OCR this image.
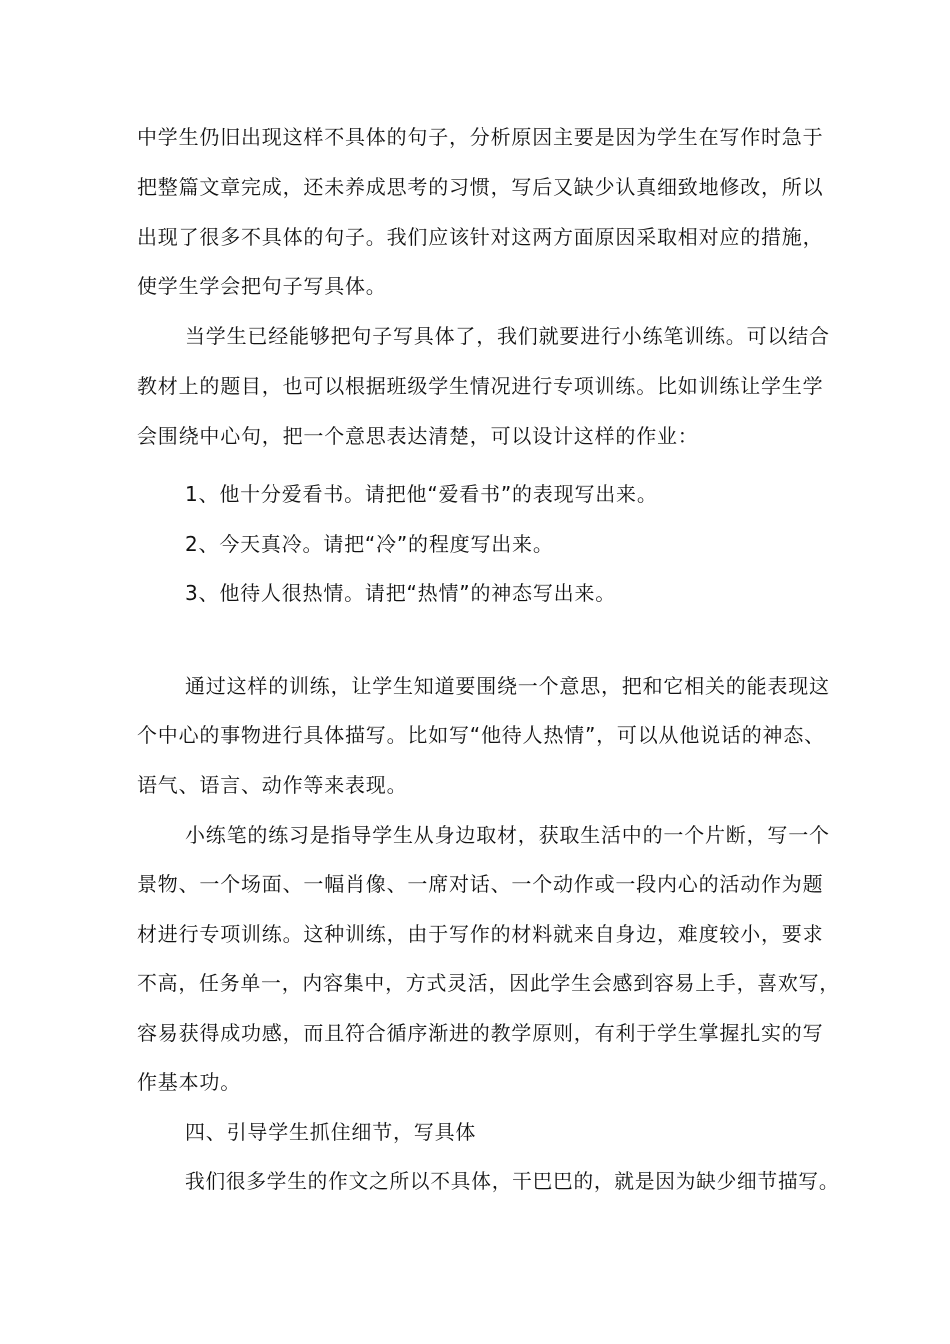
中学生仍旧出现这样不具体的句子，分析原因主要是因为学生在写作时急于
把整篇文章完成，还未养成思考的习惯，写后又缺少认真细致地修改，所以
出现了很多不具体的句子。我们应该针对这两方面原因采取相对应的措施，
使学生学会把句子写具体。
当学生已经能够把句子写具体了，我们就要进行小练笔训练。可以结合
教材上的题目，也可以根据班级学生情况进行专项训练。比如训练让学生学
会围绕中心句，把一个意思表达清楚，可以设计这样的作业：
1、他十分爱看书。请把他“爱看书”的表现写出来。
2、今天真冷。请把“冷”的程度写出来。
3、他待人很热情。请把“热情”的神态写出来。
通过这样的训练，让学生知道要围绕一个意思，把和它相关的能表现这
个中心的事物进行具体描写。比如写“他待人热情”，可以从他说话的神态、
语气、语言、动作等来表现。
小练笔的练习是指导学生从身边取材，获取生活中的一个片断，写一个
景物、一个场面、一幅肖像、一席对话、一个动作或一段内心的活动作为题
材进行专项训练。这种训练，由于写作的材料就来自身边，难度较小，要求
不高，任务单一，内容集中，方式灵活，因此学生会感到容易上手，喜欢写，
容易获得成功感，而且符合循序渐进的教学原则，有利于学生掌握扎实的写
作基本功。
四、引导学生抓住细节，写具体
我们很多学生的作文之所以不具体，干巴巴的，就是因为缺少细节描写。
